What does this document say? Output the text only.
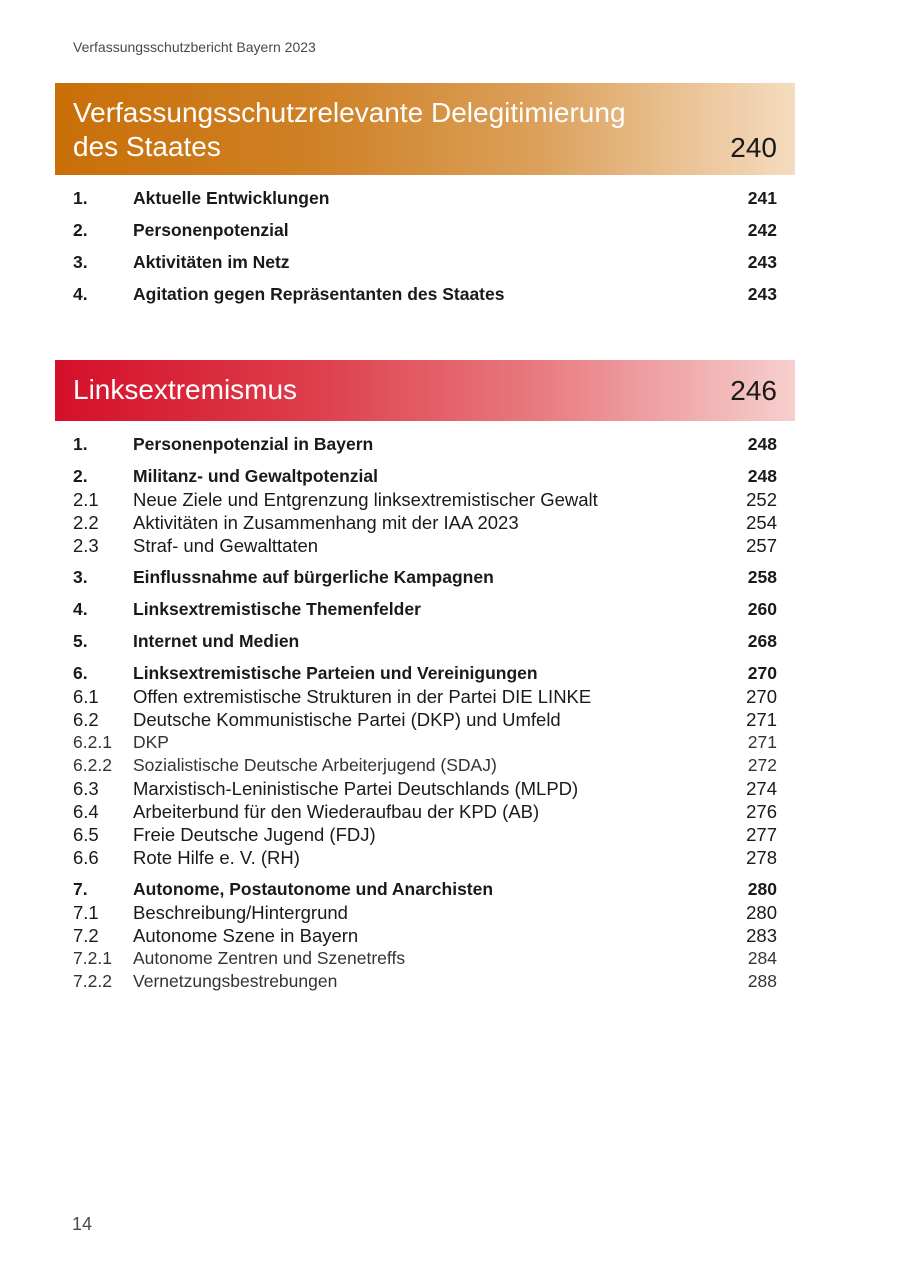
Verfassungsschutzbericht Bayern 2023
Verfassungsschutzrelevante Delegitimierung
des Staates	240
1.	Aktuelle Entwicklungen	241
2.	Personenpotenzial	242
3.	Aktivitäten im Netz	243
4.	Agitation gegen Repräsentanten des Staates	243
Linksextremismus	246
1.	Personenpotenzial in Bayern	248
2.	Militanz- und Gewaltpotenzial	248
2.1	Neue Ziele und Entgrenzung linksextremistischer Gewalt	252
2.2	Aktivitäten in Zusammenhang mit der IAA 2023	254
2.3	Straf- und Gewalttaten	257
3.	Einflussnahme auf bürgerliche Kampagnen	258
4.	Linksextremistische Themenfelder	260
5.	Internet und Medien	268
6.	Linksextremistische Parteien und Vereinigungen	270
6.1	Offen extremistische Strukturen in der Partei DIE LINKE	270
6.2	Deutsche Kommunistische Partei (DKP) und Umfeld	271
6.2.1	DKP	271
6.2.2	Sozialistische Deutsche Arbeiterjugend (SDAJ)	272
6.3	Marxistisch-Leninistische Partei Deutschlands (MLPD)	274
6.4	Arbeiterbund für den Wiederaufbau der KPD (AB)	276
6.5	Freie Deutsche Jugend (FDJ)	277
6.6	Rote Hilfe e. V. (RH)	278
7.	Autonome, Postautonome und Anarchisten	280
7.1	Beschreibung/Hintergrund	280
7.2	Autonome Szene in Bayern	283
7.2.1	Autonome Zentren und Szenetreffs	284
7.2.2	Vernetzungsbestrebungen	288
14
